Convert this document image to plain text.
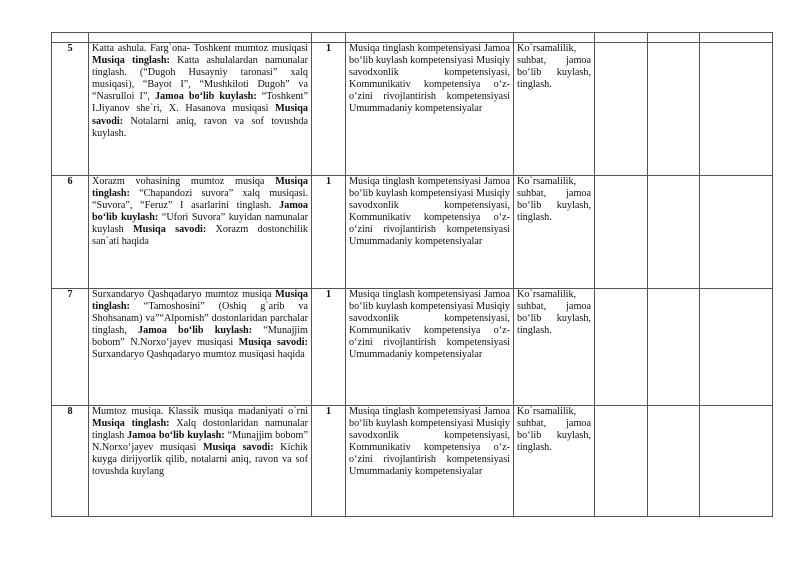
5	Katta ashula. Farg`ona- Toshkent mumtoz musiqasi Musiqa tinglash: Katta ashulalardan namunalar tinglash. (“Dugoh Husayniy taronasi” xalq musiqasi), “Bayot I”, “Mushkiloti Dugoh” va “Nasrulloi I”, Jamoa bo‘lib kuylash: “Toshkent” I.Jiyanov she`ri, X. Hasanova musiqasi Musiqa savodi: Notalarni aniq, ravon va sof tovushda kuylash.	1	Musiqa tinglash kompetensiyasi Jamoa bo‘lib kuylash kompetensiyasi Musiqiy savodxonlik kompetensiyasi, Kommunikativ kompetensiya o‘z-o‘zini rivojlantirish kompetensiyasi Umummadaniy kompetensiyalar	Ko`rsamalilik, suhbat, jamoa bo‘lib kuylash, tinglash.			
6	Xorazm vohasining mumtoz musiqa Musiqa tinglash: “Chapandozi suvora” xalq musiqasi. “Suvora”, “Feruz” I asarlarini tinglash. Jamoa bo‘lib kuylash: “Ufori Suvora” kuyidan namunalar kuylash Musiqa savodi: Xorazm dostonchilik san`ati haqida	1	Musiqa tinglash kompetensiyasi Jamoa bo‘lib kuylash kompetensiyasi Musiqiy savodxonlik kompetensiyasi, Kommunikativ kompetensiya o‘z-o‘zini rivojlantirish kompetensiyasi Umummadaniy kompetensiyalar	Ko`rsamalilik, suhbat, jamoa bo‘lib kuylash, tinglash.			
7	Surxandaryo Qashqadaryo mumtoz musiqa Musiqa tinglash: “Tamoshosini” (Oshiq g`arib va Shohsanam) va”“Alpomish” dostonlaridan parchalar tinglash, Jamoa bo‘lib kuylash: “Munajjim bobom” N.Norxo‘jayev musiqasi Musiqa savodi: Surxandaryo Qashqadaryo mumtoz musiqasi haqida	1	Musiqa tinglash kompetensiyasi Jamoa bo‘lib kuylash kompetensiyasi Musiqiy savodxonlik kompetensiyasi, Kommunikativ kompetensiya o‘z-o‘zini rivojlantirish kompetensiyasi Umummadaniy kompetensiyalar	Ko`rsamalilik, suhbat, jamoa bo‘lib kuylash, tinglash.			
8	Mumtoz musiqa. Klassik musiqa madaniyati o`rni Musiqa tinglash: Xalq dostonlaridan namunalar tinglash Jamoa bo‘lib kuylash: “Munajjim bobom” N.Norxo‘jayev musiqasi Musiqa savodi: Kichik kuyga dirijyorlik qilib, notalarni aniq, ravon va sof tovushda kuylang	1	Musiqa tinglash kompetensiyasi Jamoa bo‘lib kuylash kompetensiyasi Musiqiy savodxonlik kompetensiyasi, Kommunikativ kompetensiya o‘z-o‘zini rivojlantirish kompetensiyasi Umummadaniy kompetensiyalar	Ko`rsamalilik, suhbat, jamoa bo‘lib kuylash, tinglash.			
